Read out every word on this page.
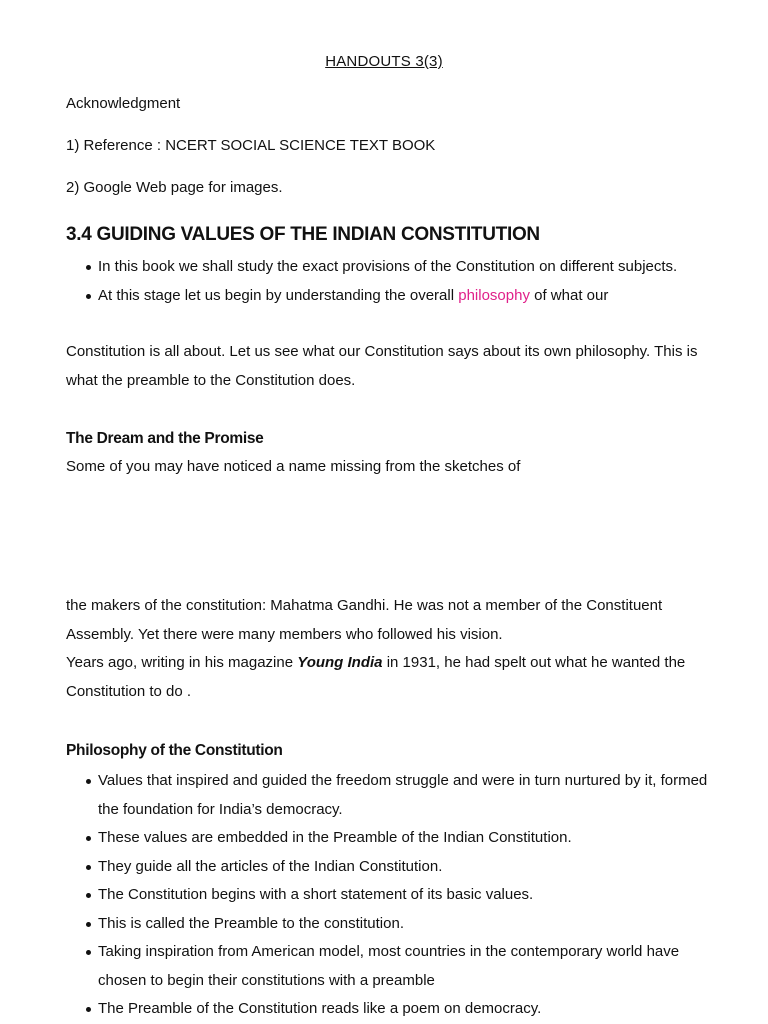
HANDOUTS 3(3)
Acknowledgment
1) Reference : NCERT SOCIAL SCIENCE TEXT BOOK
2) Google Web page for images.
3.4 GUIDING VALUES OF THE INDIAN CONSTITUTION
In this book we shall study the exact provisions of the Constitution on different subjects.
At this stage let us begin by understanding the overall philosophy of what our
Constitution is all about. Let us see what our Constitution says about its own philosophy. This is what the preamble to the Constitution does.
The Dream and the Promise
Some of you may have noticed a name missing from the sketches of
the makers of the constitution: Mahatma Gandhi. He was not a member of the Constituent Assembly. Yet there were many members who followed his vision.
Years ago, writing in his magazine Young India in 1931, he had spelt out what he wanted the Constitution to do .
Philosophy of the Constitution
Values that inspired and guided the freedom struggle and were in turn nurtured by it, formed the foundation for India’s democracy.
These values are embedded in the Preamble of the Indian Constitution.
They guide all the articles of the Indian Constitution.
The Constitution begins with a short statement of its basic values.
This is called the Preamble to the constitution.
Taking inspiration from American model, most countries in the contemporary world have chosen to begin their constitutions with a preamble
The Preamble of the Constitution reads like a poem on democracy.
